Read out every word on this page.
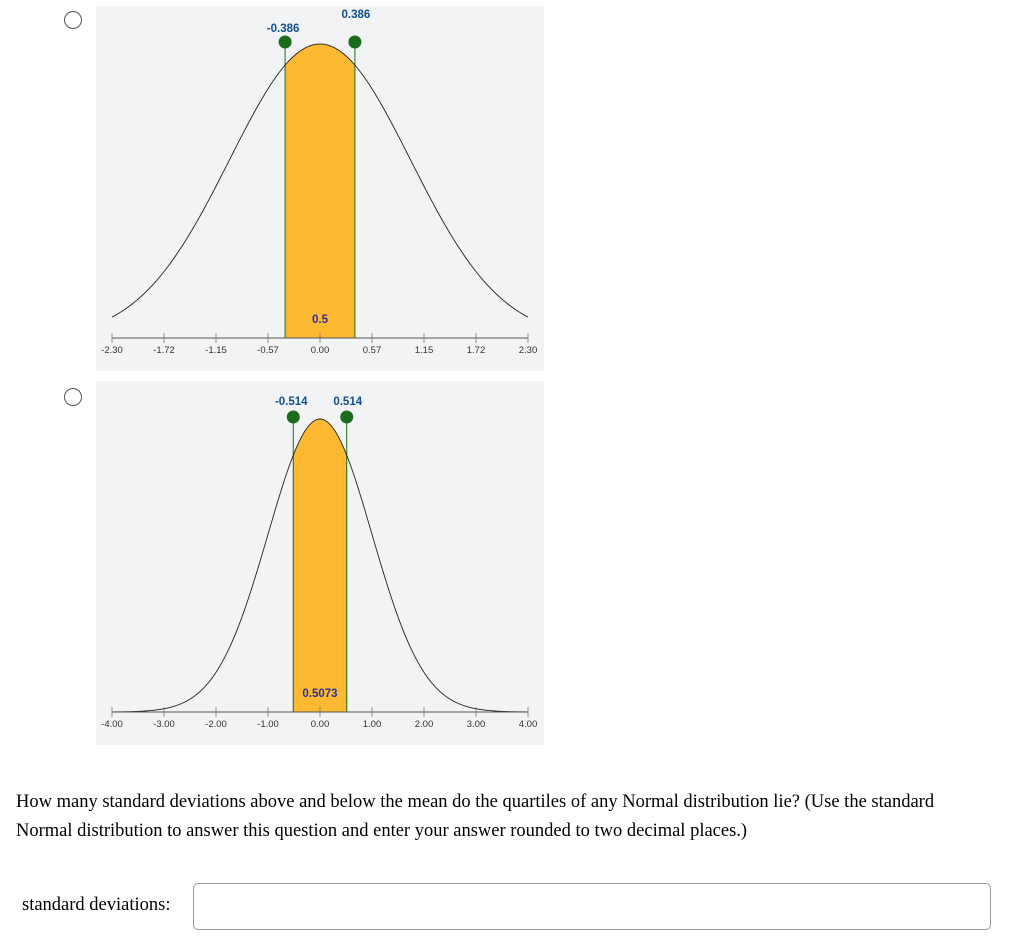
-2.30	-1.72	-1.15	-0.57	0.00	0.57	1.15	1.72	2.30
-0.386
0.386
0.5
-4.00	-3.00	-2.00	-1.00	0.00	1.00	2.00	3.00	4.00
-0.514 0.514
0.5073

How many standard deviations above and below the mean do the quartiles of any Normal distribution lie? (Use the standard Normal distribution to answer this question and enter your answer rounded to two decimal places.)

standard deviations:
